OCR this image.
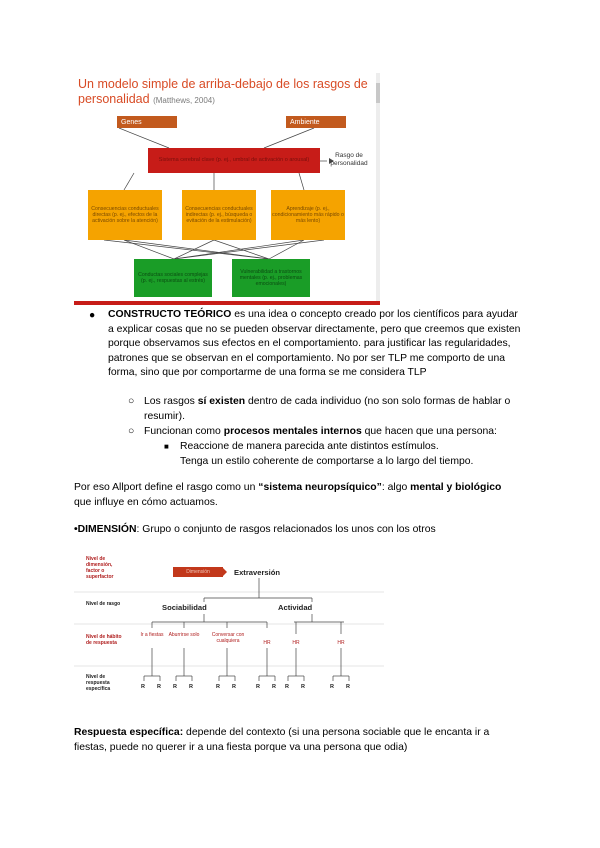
Un modelo simple de arriba-debajo de los rasgos de personalidad (Matthews, 2004)
Genes	Ambiente
Sistema cerebral clave (p. ej., umbral de activación o arousal)
Rasgo de personalidad
Consecuencias conductuales directas (p. ej., efectos de la activación sobre la atención)
Consecuencias conductuales indirectas (p. ej., búsqueda o evitación de la estimulación)
Aprendizaje (p. ej., condicionamiento más rápido o más lento)
Conductas sociales complejas (p. ej., respuestas al estrés)
Vulnerabilidad a trastornos mentales (p. ej., problemas emocionales)
● CONSTRUCTO TEÓRICO es una idea o concepto creado por los científicos para ayudar a explicar cosas que no se pueden observar directamente, pero que creemos que existen porque observamos sus efectos en el comportamiento. para justificar las regularidades, patrones que se observan en el comportamiento. No por ser TLP me comporto de una forma, sino que por comportarme de una forma se me considera TLP
○ Los rasgos sí existen dentro de cada individuo (no son solo formas de hablar o resumir).
○ Funcionan como procesos mentales internos que hacen que una persona:
■ Reaccione de manera parecida ante distintos estímulos.
Tenga un estilo coherente de comportarse a lo largo del tiempo.
Por eso Allport define el rasgo como un “sistema neuropsíquico”: algo mental y biológico que influye en cómo actuamos.
•DIMENSIÓN: Grupo o conjunto de rasgos relacionados los unos con los otros
Nivel de dimensión, factor o superfactor
Nivel de rasgo
Nivel de hábito de respuesta
Nivel de respuesta específica
Dimensión	Extraversión
Sociabilidad	Actividad
Ir a fiestas	Aburrirse solo	Conversar con cualquiera	HR	HR	HR
R R R R	R R	R R R R	R R
Respuesta específica: depende del contexto (si una persona sociable que le encanta ir a fiestas, puede no querer ir a una fiesta porque va una persona que odia)
